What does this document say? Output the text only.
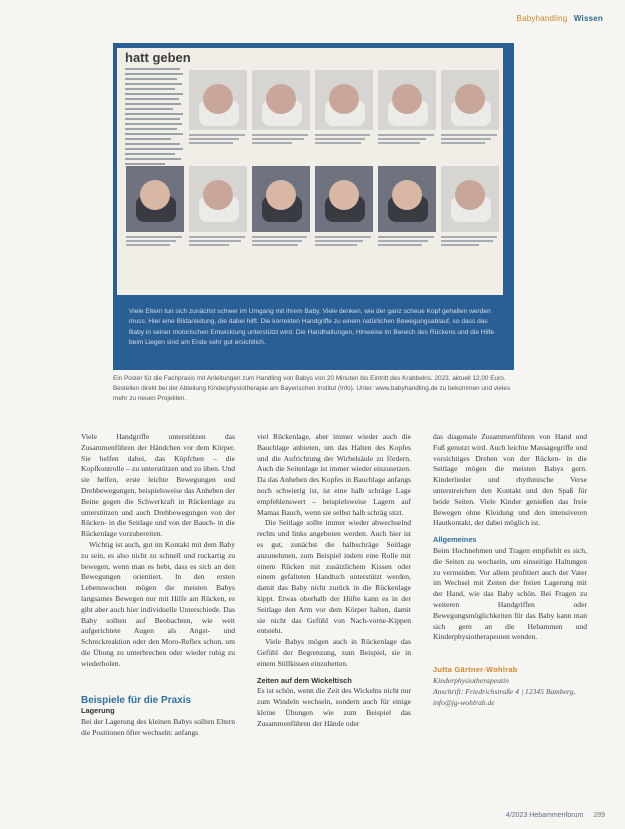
Babyhandling Wissen
hatt geben
Viele Eltern tun sich zunächst schwer im Umgang mit ihrem Baby. Viele denken, wie der ganz scheue Kopf gehalten werden muss. Hier eine Bildanleitung, die dabei hilft. Die korrekten Handgriffe zu einem natürlichen Bewegungsablauf, so dass das Baby in seiner motorischen Entwicklung unterstützt wird. Die Handhaltungen, Hinweise im Bereich des Rückens und die Hilfe beim Liegen sind am Ende sehr gut ersichtlich.
Ein Poster für die Fachpraxis mit Anleitungen zum Handling von Babys von 20 Minuten bis Eintritt des Krabbelns. 2023, aktuell 12,00 Euro. Bestellen direkt bei der Abteilung Kinderphysiotherapie am Bayerischen Institut (Info). Unter: www.babyhandling.de zu bekommen und vieles mehr zu neuen Projekten.

Viele Handgriffe unterstützen das Zusammenführen der Händchen vor dem Körper. Sie helfen dabei, das Köpfchen – die Kopfkontrolle – zu unterstützen und zu üben. Und sie helfen, erste leichte Bewegungen und Drehbewegungen, beispielsweise das Anheben der Beine gegen die Schwerkraft in Rückenlage zu unterstützen und auch Drehbewegungen von der Rücken- in die Seitlage und von der Bauch- in die Rückenlage vorzubereiten.

Wichtig ist auch, gut im Kontakt mit dem Baby zu sein, es also nicht zu schnell und ruckartig zu bewegen, wenn man es hebt, dass es sich an den Bewegungen orientiert. In den ersten Lebenswochen mögen die meisten Babys langsames Bewegen nur mit Hilfe am Rücken, es gibt aber auch hier individuelle Unterschiede. Das Baby sollten auf Beobachten, wie weit aufgerichtete Augen als Angst- und Schreckreaktion oder den Moro-Reflex schon, um die Übung zu unterbrechen oder wieder ruhig zu wiederholen.

Beispiele für die Praxis
Lagerung

Bei der Lagerung des kleinen Babys sollten Eltern die Positionen öfter wechseln: anfangs

viel Rückenlage, aber immer wieder auch die Bauchlage anbieten, um das Halten des Kopfes und die Aufrichtung der Wirbelsäule zu fördern. Auch die Seitenlage ist immer wieder einzusetzen. Da das Anheben des Kopfes in Bauchlage anfangs noch schwierig ist, ist eine halb schräge Lage empfehlenswert – beispielsweise Lagern auf Mamas Bauch, wenn sie selbst halb schräg sitzt.

Die Seitlage sollte immer wieder abwechselnd rechts und links angeboten werden. Auch hier ist es gut, zunächst die halbschräge Seitlage anzunehmen, zum Beispiel indem eine Rolle mit einem Rücken mit zusätzlichem Kissen oder einem gefalteten Handtuch unterstützt werden, damit das Baby nicht zurück in die Rückenlage kippt. Etwas oberhalb der Hüfte kann es in der Seitlage den Arm vor dem Körper halten, damit sie nicht das Gefühl von Nach-vorne-Kippen entsteht.

Viele Babys mögen auch in Rückenlage das Gefühl der Begrenzung, zum Beispiel, sie in einem Stillkissen einzubetten.

Zeiten auf dem Wickeltisch

Es ist schön, wenn die Zeit des Wickelns nicht nur zum Windeln wechseln, sondern auch für einige kleine Übungen wie zum Beispiel das Zusammenführen der Hände oder

das diagonale Zusammenführen von Hand und Fuß genutzt wird. Auch leichte Massagegriffe und vorsichtiges Drehen von der Rücken- in die Seitlage mögen die meisten Babys gern. Kinderlieder und rhythmische Verse unterstreichen den Kontakt und den Spaß für beide Seiten. Viele Kinder genießen das freie Bewegen ohne Kleidung und den intensiveren Hautkontakt, der dabei möglich ist.

Allgemeines

Beim Hochnehmen und Tragen empfiehlt es sich, die Seiten zu wechseln, um einseitige Haltungen zu vermeiden. Vor allem profitiert auch der Vater im Wechsel mit Zeiten der freien Lagerung mit der Hand, wie das Baby schön. Bei Fragen zu weiteren Handgriffen oder Bewegungsmöglichkeiten für das Baby kann man sich gern an die Hebammen und Kinderphysiotherapeuten wenden.

Jutta Gärtner-Wohlrab
Kinderphysiotherapeutin
Anschrift: Friedrichstraße 4 | 12345 Bamberg,
info@jg-wohlrab.de
4/2023 Hebammenforum 289
